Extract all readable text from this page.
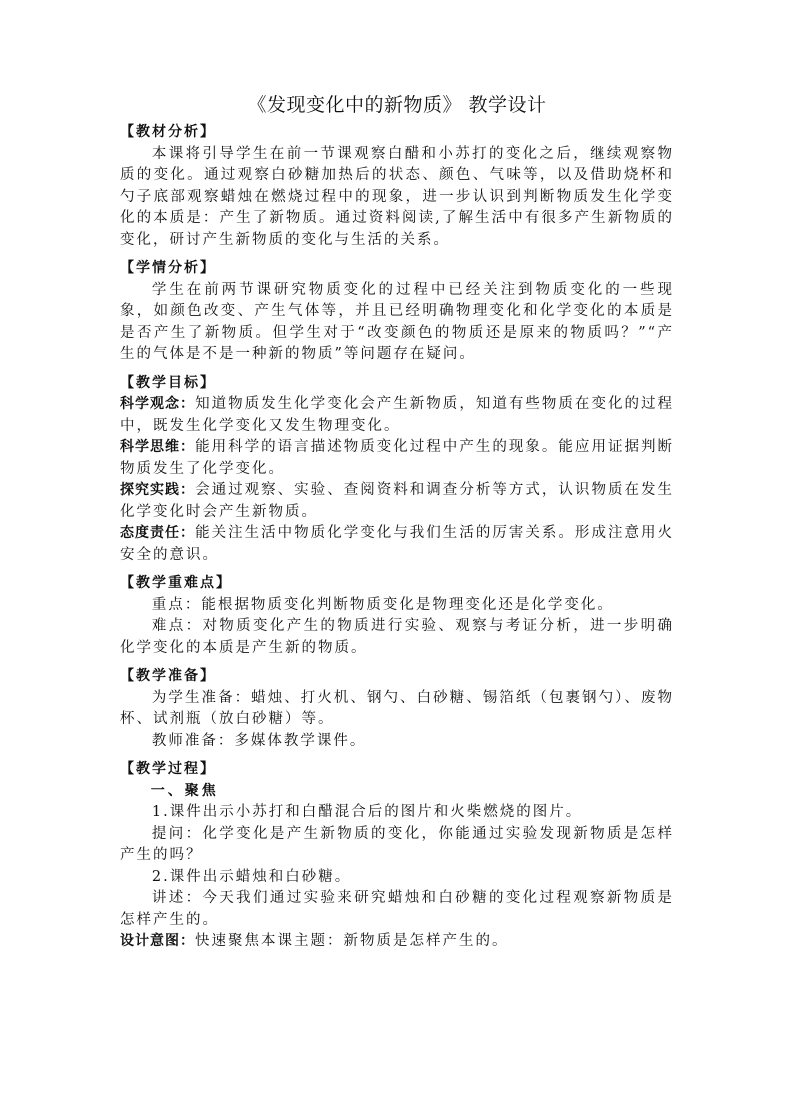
《发现变化中的新物质》 教学设计
【教材分析】

本课将引导学生在前一节课观察白醋和小苏打的变化之后，继续观察物质的变化。通过观察白砂糖加热后的状态、颜色、气味等，以及借助烧杯和勺子底部观察蜡烛在燃烧过程中的现象，进一步认识到判断物质发生化学变化的本质是：产生了新物质。通过资料阅读,了解生活中有很多产生新物质的变化，研讨产生新物质的变化与生活的关系。

【学情分析】

学生在前两节课研究物质变化的过程中已经关注到物质变化的一些现象，如颜色改变、产生气体等，并且已经明确物理变化和化学变化的本质是是否产生了新物质。但学生对于“改变颜色的物质还是原来的物质吗？”“产生的气体是不是一种新的物质”等问题存在疑问。

【教学目标】

科学观念：知道物质发生化学变化会产生新物质，知道有些物质在变化的过程中，既发生化学变化又发生物理变化。

科学思维：能用科学的语言描述物质变化过程中产生的现象。能应用证据判断物质发生了化学变化。

探究实践：会通过观察、实验、查阅资料和调查分析等方式，认识物质在发生化学变化时会产生新物质。

态度责任：能关注生活中物质化学变化与我们生活的厉害关系。形成注意用火安全的意识。

【教学重难点】

重点：能根据物质变化判断物质变化是物理变化还是化学变化。

难点：对物质变化产生的物质进行实验、观察与考证分析，进一步明确化学变化的本质是产生新的物质。

【教学准备】

为学生准备：蜡烛、打火机、钢勺、白砂糖、锡箔纸（包裹钢勺）、废物杯、试剂瓶（放白砂糖）等。

教师准备：多媒体教学课件。

【教学过程】
一、聚焦

1.课件出示小苏打和白醋混合后的图片和火柴燃烧的图片。

提问：化学变化是产生新物质的变化，你能通过实验发现新物质是怎样产生的吗？

2.课件出示蜡烛和白砂糖。

讲述：今天我们通过实验来研究蜡烛和白砂糖的变化过程观察新物质是怎样产生的。

设计意图：快速聚焦本课主题：新物质是怎样产生的。
